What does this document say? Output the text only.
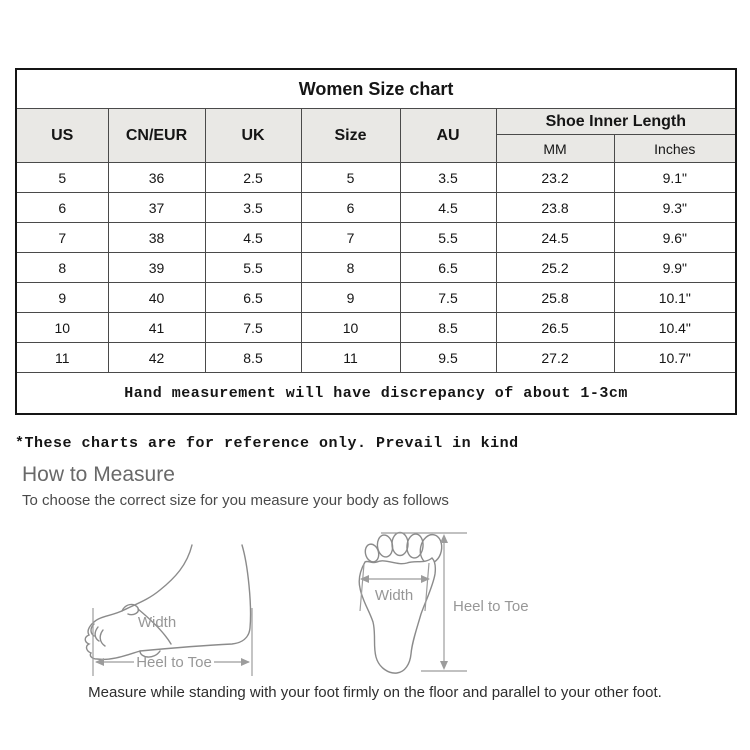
Women Size chart						
US	CN/EUR	UK	Size	AU	Shoe Inner Length	
					MM	Inches
5	36	2.5	5	3.5	23.2	9.1"
6	37	3.5	6	4.5	23.8	9.3"
7	38	4.5	7	5.5	24.5	9.6"
8	39	5.5	8	6.5	25.2	9.9"
9	40	6.5	9	7.5	25.8	10.1"
10	41	7.5	10	8.5	26.5	10.4"
11	42	8.5	11	9.5	27.2	10.7"
Hand measurement will have discrepancy of about 1-3cm						
*These charts are for reference only. Prevail in kind
How to Measure
To choose the correct size for you measure your body as follows
Width
Heel to Toe
Width
Heel to Toe
Measure while standing with your foot firmly on the floor and parallel to your other foot.
